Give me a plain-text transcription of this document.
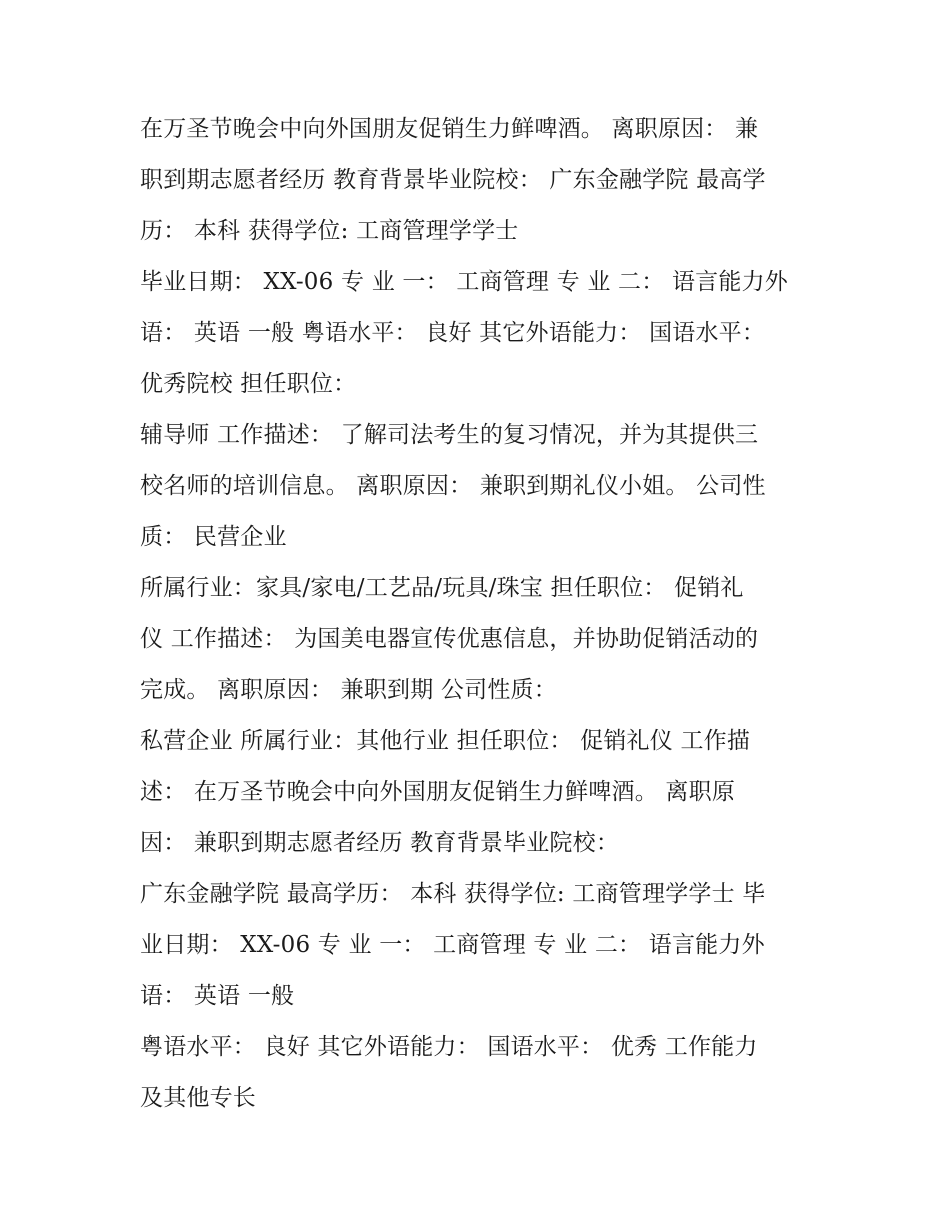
在万圣节晚会中向外国朋友促销生力鲜啤酒。 离职原因： 兼
职到期志愿者经历 教育背景毕业院校： 广东金融学院 最高学
历： 本科 获得学位: 工商管理学学士
毕业日期： XX-06 专 业 一： 工商管理 专 业 二： 语言能力外
语： 英语 一般 粤语水平： 良好 其它外语能力： 国语水平：
优秀院校 担任职位：
辅导师 工作描述： 了解司法考生的复习情况，并为其提供三
校名师的培训信息。 离职原因： 兼职到期礼仪小姐。 公司性
质： 民营企业
所属行业：家具/家电/工艺品/玩具/珠宝 担任职位： 促销礼
仪 工作描述： 为国美电器宣传优惠信息，并协助促销活动的
完成。 离职原因： 兼职到期 公司性质：
私营企业 所属行业：其他行业 担任职位： 促销礼仪 工作描
述： 在万圣节晚会中向外国朋友促销生力鲜啤酒。 离职原
因： 兼职到期志愿者经历 教育背景毕业院校：
广东金融学院 最高学历： 本科 获得学位: 工商管理学学士 毕
业日期： XX-06 专 业 一： 工商管理 专 业 二： 语言能力外
语： 英语 一般
粤语水平： 良好 其它外语能力： 国语水平： 优秀 工作能力
及其他专长
